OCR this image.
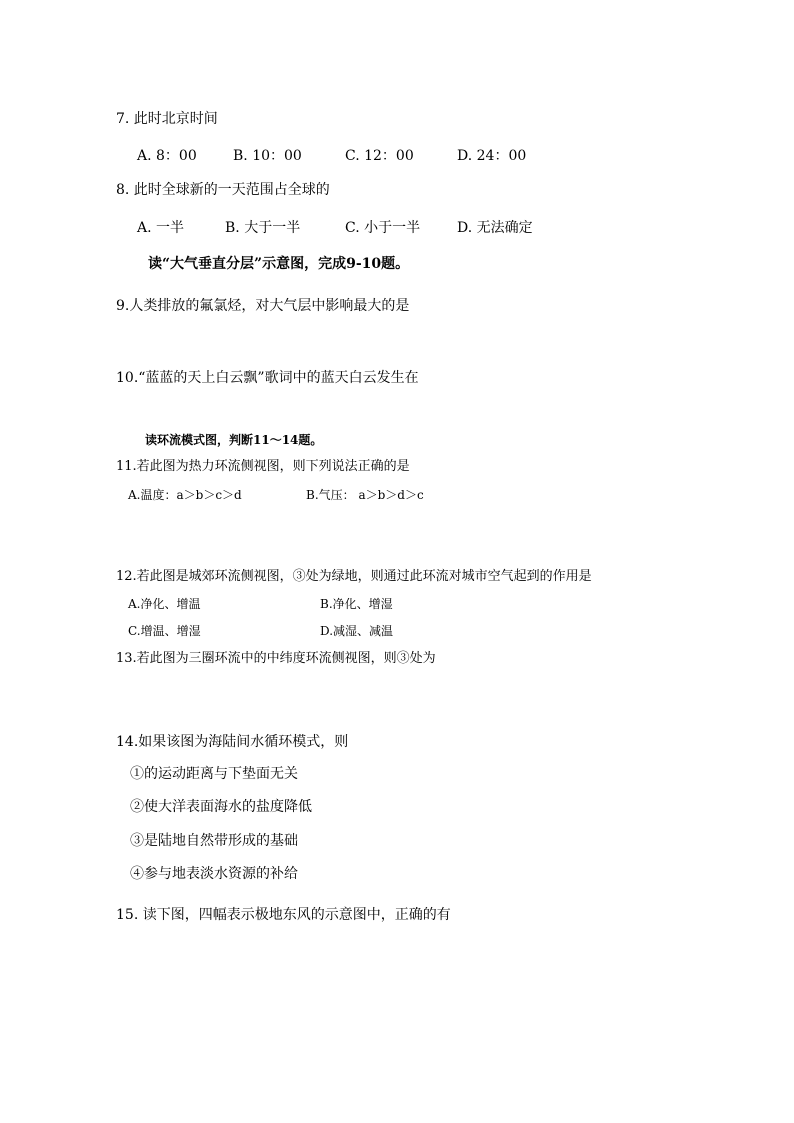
7. 此时北京时间
A. 8：00	B. 10：00	C. 12：00	D. 24：00
8. 此时全球新的一天范围占全球的
A. 一半	B. 大于一半	C. 小于一半	D. 无法确定
读“大气垂直分层”示意图，完成9-10题。
9.人类排放的氟氯烃，对大气层中影响最大的是
10.“蓝蓝的天上白云飘”歌词中的蓝天白云发生在
读环流模式图，判断11～14题。
11.若此图为热力环流侧视图，则下列说法正确的是
A.温度：a＞b＞c＞d	B.气压： a＞b＞d＞c
12.若此图是城郊环流侧视图，③处为绿地，则通过此环流对城市空气起到的作用是
A.净化、增温	B.净化、增湿
C.增温、增湿	D.减湿、减温
13.若此图为三圈环流中的中纬度环流侧视图，则③处为
14.如果该图为海陆间水循环模式，则
①的运动距离与下垫面无关
②使大洋表面海水的盐度降低
③是陆地自然带形成的基础
④参与地表淡水资源的补给
15. 读下图，四幅表示极地东风的示意图中，正确的有
